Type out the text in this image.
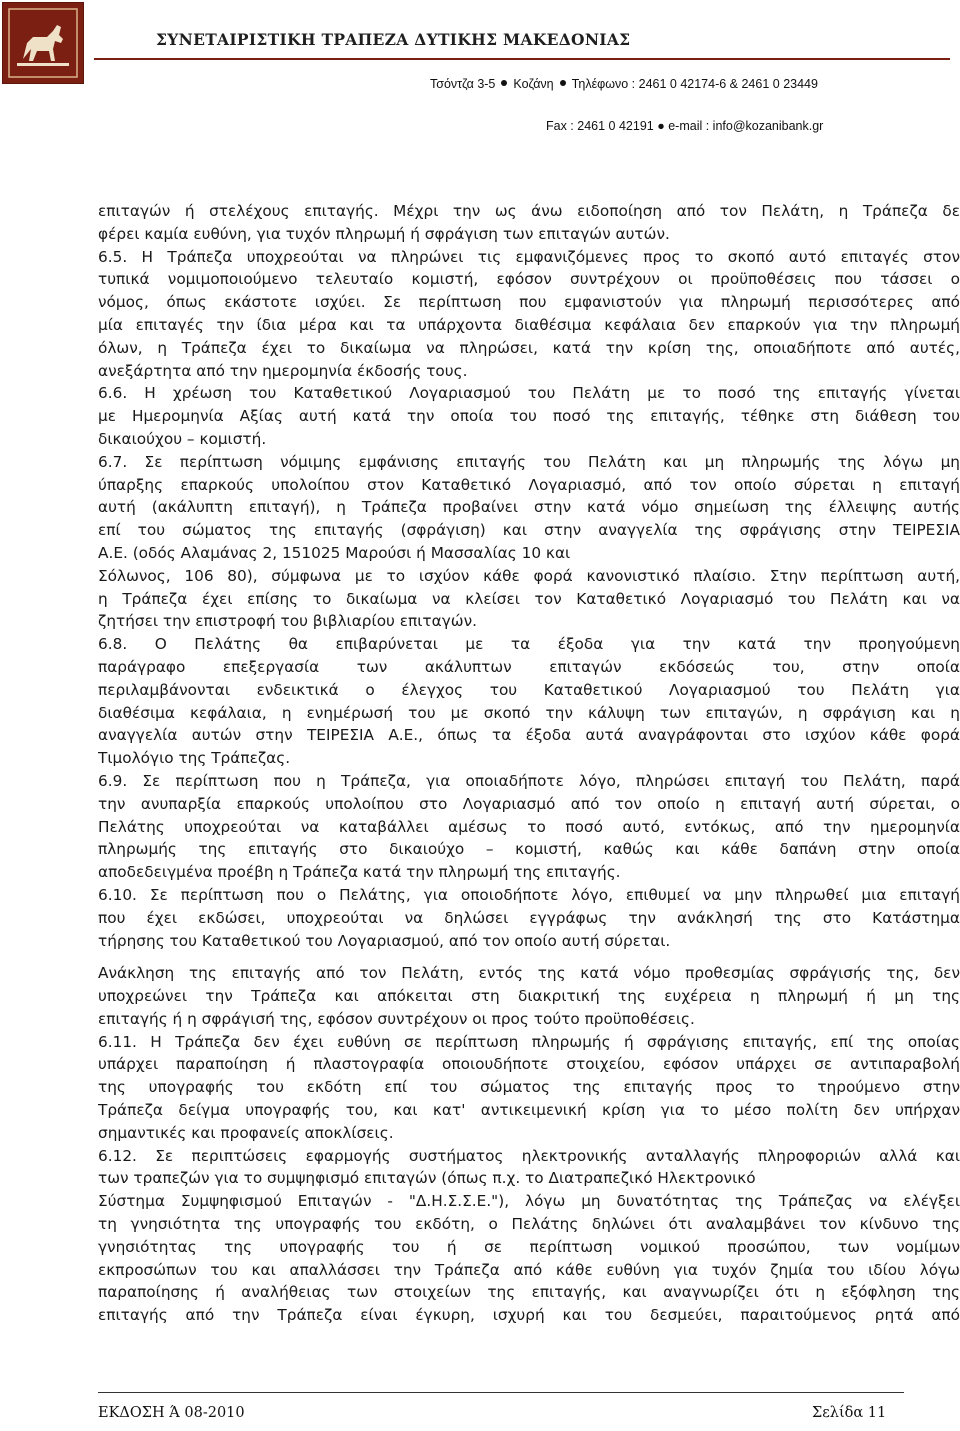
ΣΥΝΕΤΑΙΡΙΣΤΙΚΗ ΤΡΑΠΕΖΑ ΔΥΤΙΚΗΣ ΜΑΚΕΔΟΝΙΑΣ
Τσόντζα 3-5 Κοζάνη Τηλέφωνο : 2461 0 42174-6 & 2461 0 23449
Fax : 2461 0 42191 ● e-mail : info@kozanibank.gr
επιταγών ή στελέχους επιταγής. Μέχρι την ως άνω ειδοποίηση από τον Πελάτη, η Τράπεζα δε
φέρει καμία ευθύνη, για τυχόν πληρωμή ή σφράγιση των επιταγών αυτών.
6.5. Η Τράπεζα υποχρεούται να πληρώνει τις εμφανιζόμενες προς το σκοπό αυτό επιταγές στον
τυπικά νομιμοποιούμενο τελευταίο κομιστή, εφόσον συντρέχουν οι προϋποθέσεις που τάσσει ο
νόμος, όπως εκάστοτε ισχύει. Σε περίπτωση που εμφανιστούν για πληρωμή περισσότερες από
μία επιταγές την ίδια μέρα και τα υπάρχοντα διαθέσιμα κεφάλαια δεν επαρκούν για την πληρωμή
όλων, η Τράπεζα έχει το δικαίωμα να πληρώσει, κατά την κρίση της, οποιαδήποτε από αυτές,
ανεξάρτητα από την ημερομηνία έκδοσής τους.
6.6. Η χρέωση του Καταθετικού Λογαριασμού του Πελάτη με το ποσό της επιταγής γίνεται
με Ημερομηνία Αξίας αυτή κατά την οποία του ποσό της επιταγής, τέθηκε στη διάθεση του
δικαιούχου – κομιστή.
6.7. Σε περίπτωση νόμιμης εμφάνισης επιταγής του Πελάτη και μη πληρωμής της λόγω μη
ύπαρξης επαρκούς υπολοίπου στον Καταθετικό Λογαριασμό, από τον οποίο σύρεται η επιταγή
αυτή (ακάλυπτη επιταγή), η Τράπεζα προβαίνει στην κατά νόμο σημείωση της έλλειψης αυτής
επί του σώματος της επιταγής (σφράγιση) και στην αναγγελία της σφράγισης στην ΤΕΙΡΕΣΙΑ
Α.Ε. (οδός Αλαμάνας 2, 151025 Μαρούσι ή Μασσαλίας 10 και
Σόλωνος, 106 80), σύμφωνα με το ισχύον κάθε φορά κανονιστικό πλαίσιο. Στην περίπτωση αυτή,
η Τράπεζα έχει επίσης το δικαίωμα να κλείσει τον Καταθετικό Λογαριασμό του Πελάτη και να
ζητήσει την επιστροφή του βιβλιαρίου επιταγών.
6.8. Ο Πελάτης θα επιβαρύνεται με τα έξοδα για την κατά την προηγούμενη
παράγραφο επεξεργασία των ακάλυπτων επιταγών εκδόσεώς του, στην οποία
περιλαμβάνονται ενδεικτικά ο έλεγχος του Καταθετικού Λογαριασμού του Πελάτη για
διαθέσιμα κεφάλαια, η ενημέρωσή του με σκοπό την κάλυψη των επιταγών, η σφράγιση και η
αναγγελία αυτών στην ΤΕΙΡΕΣΙΑ Α.Ε., όπως τα έξοδα αυτά αναγράφονται στο ισχύον κάθε φορά
Τιμολόγιο της Τράπεζας.
6.9. Σε περίπτωση που η Τράπεζα, για οποιαδήποτε λόγο, πληρώσει επιταγή του Πελάτη, παρά
την ανυπαρξία επαρκούς υπολοίπου στο Λογαριασμό από τον οποίο η επιταγή αυτή σύρεται, ο
Πελάτης υποχρεούται να καταβάλλει αμέσως το ποσό αυτό, εντόκως, από την ημερομηνία
πληρωμής της επιταγής στο δικαιούχο – κομιστή, καθώς και κάθε δαπάνη στην οποία
αποδεδειγμένα προέβη η Τράπεζα κατά την πληρωμή της επιταγής.
6.10. Σε περίπτωση που ο Πελάτης, για οποιοδήποτε λόγο, επιθυμεί να μην πληρωθεί μια επιταγή
που έχει εκδώσει, υποχρεούται να δηλώσει εγγράφως την ανάκλησή της στο Κατάστημα
τήρησης του Καταθετικού του Λογαριασμού, από τον οποίο αυτή σύρεται.
Ανάκληση της επιταγής από τον Πελάτη, εντός της κατά νόμο προθεσμίας σφράγισής της, δεν
υποχρεώνει την Τράπεζα και απόκειται στη διακριτική της ευχέρεια η πληρωμή ή μη της
επιταγής ή η σφράγισή της, εφόσον συντρέχουν οι προς τούτο προϋποθέσεις.
6.11. Η Τράπεζα δεν έχει ευθύνη σε περίπτωση πληρωμής ή σφράγισης επιταγής, επί της οποίας
υπάρχει παραποίηση ή πλαστογραφία οποιουδήποτε στοιχείου, εφόσον υπάρχει σε αντιπαραβολή
της υπογραφής του εκδότη επί του σώματος της επιταγής προς το τηρούμενο στην
Τράπεζα δείγμα υπογραφής του, και κατ' αντικειμενική κρίση για το μέσο πολίτη δεν υπήρχαν
σημαντικές και προφανείς αποκλίσεις.
6.12. Σε περιπτώσεις εφαρμογής συστήματος ηλεκτρονικής ανταλλαγής πληροφοριών αλλά και
των τραπεζών για το συμψηφισμό επιταγών (όπως π.χ. το Διατραπεζικό Ηλεκτρονικό
Σύστημα Συμψηφισμού Επιταγών - "Δ.Η.Σ.Σ.Ε."), λόγω μη δυνατότητας της Τράπεζας να ελέγξει
τη γνησιότητα της υπογραφής του εκδότη, ο Πελάτης δηλώνει ότι αναλαμβάνει τον κίνδυνο της
γνησιότητας της υπογραφής του ή σε περίπτωση νομικού προσώπου, των νομίμων
εκπροσώπων του και απαλλάσσει την Τράπεζα από κάθε ευθύνη για τυχόν ζημία του ιδίου λόγω
παραποίησης ή αναλήθειας των στοιχείων της επιταγής, και αναγνωρίζει ότι η εξόφληση της
επιταγής από την Τράπεζα είναι έγκυρη, ισχυρή και του δεσμεύει, παραιτούμενος ρητά από
ΕΚΔΟΣΗ Ά 08-2010	Σελίδα 11
